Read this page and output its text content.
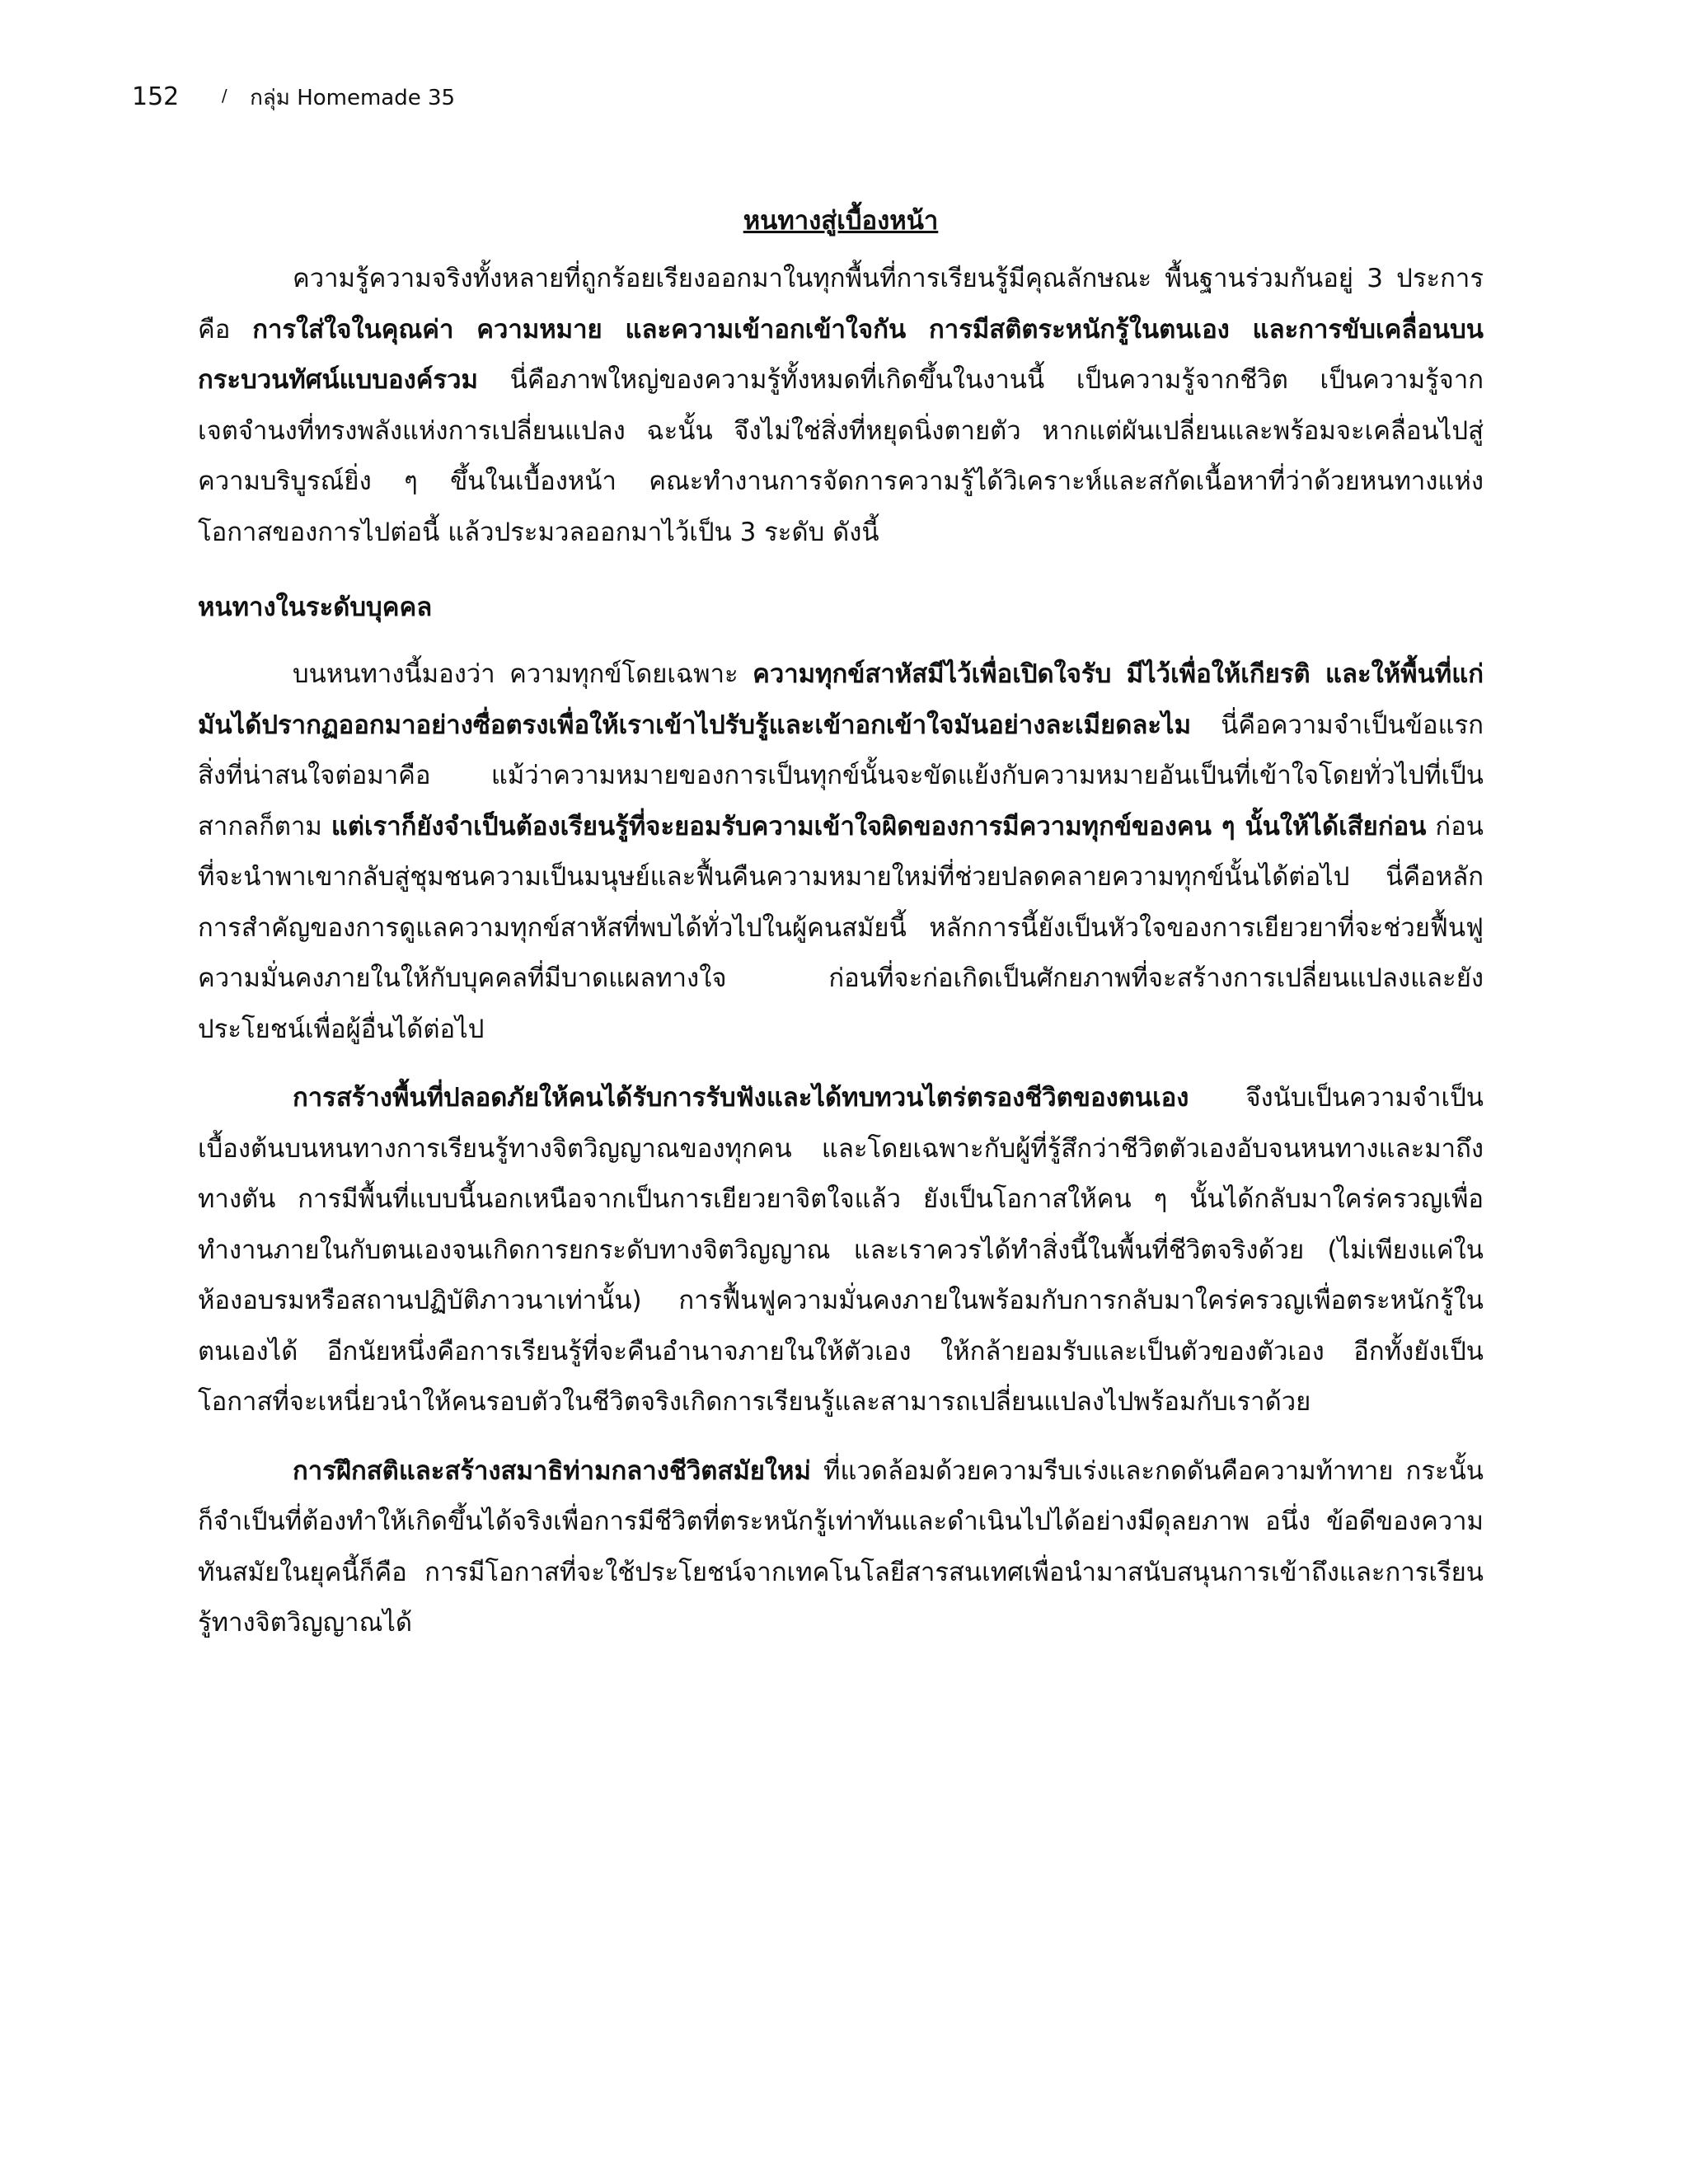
152	/ กลุ่ม Homemade 35
หนทางสู่เบื้องหน้า

ความรู้ความจริงทั้งหลายที่ถูกร้อยเรียงออกมาในทุกพื้นที่การเรียนรู้มีคุณลักษณะ พื้นฐานร่วมกันอยู่ 3 ประการ คือ การใส่ใจในคุณค่า ความหมาย และความเข้าอกเข้าใจกัน การมีสติตระหนักรู้ในตนเอง และการขับเคลื่อนบนกระบวนทัศน์แบบองค์รวม นี่คือภาพใหญ่ของความรู้ทั้งหมดที่เกิดขึ้นในงานนี้ เป็นความรู้จากชีวิต เป็นความรู้จากเจตจำนงที่ทรงพลังแห่งการเปลี่ยนแปลง ฉะนั้น จึงไม่ใช่สิ่งที่หยุดนิ่งตายตัว หากแต่ผันเปลี่ยนและพร้อมจะเคลื่อนไปสู่ความบริบูรณ์ยิ่ง ๆ ขึ้นในเบื้องหน้า คณะทำงานการจัดการความรู้ได้วิเคราะห์และสกัดเนื้อหาที่ว่าด้วยหนทางแห่งโอกาสของการไปต่อนี้ แล้วประมวลออกมาไว้เป็น 3 ระดับ ดังนี้

หนทางในระดับบุคคล

บนหนทางนี้มองว่า ความทุกข์โดยเฉพาะ ความทุกข์สาหัสมีไว้เพื่อเปิดใจรับ มีไว้เพื่อให้เกียรติ และให้พื้นที่แก่มันได้ปรากฏออกมาอย่างซื่อตรงเพื่อให้เราเข้าไปรับรู้และเข้าอกเข้าใจมันอย่างละเมียดละไม นี่คือความจำเป็นข้อแรก สิ่งที่น่าสนใจต่อมาคือ แม้ว่าความหมายของการเป็นทุกข์นั้นจะขัดแย้งกับความหมายอันเป็นที่เข้าใจโดยทั่วไปที่เป็นสากลก็ตาม แต่เราก็ยังจำเป็นต้องเรียนรู้ที่จะยอมรับความเข้าใจผิดของการมีความทุกข์ของคน ๆ นั้นให้ได้เสียก่อน ก่อนที่จะนำพาเขากลับสู่ชุมชนความเป็นมนุษย์และฟื้นคืนความหมายใหม่ที่ช่วยปลดคลายความทุกข์นั้นได้ต่อไป นี่คือหลักการสำคัญของการดูแลความทุกข์สาหัสที่พบได้ทั่วไปในผู้คนสมัยนี้ หลักการนี้ยังเป็นหัวใจของการเยียวยาที่จะช่วยฟื้นฟูความมั่นคงภายในให้กับบุคคลที่มีบาดแผลทางใจ ก่อนที่จะก่อเกิดเป็นศักยภาพที่จะสร้างการเปลี่ยนแปลงและยังประโยชน์เพื่อผู้อื่นได้ต่อไป

การสร้างพื้นที่ปลอดภัยให้คนได้รับการรับฟังและได้ทบทวนไตร่ตรองชีวิตของตนเอง จึงนับเป็นความจำเป็นเบื้องต้นบนหนทางการเรียนรู้ทางจิตวิญญาณของทุกคน และโดยเฉพาะกับผู้ที่รู้สึกว่าชีวิตตัวเองอับจนหนทางและมาถึงทางตัน การมีพื้นที่แบบนี้นอกเหนือจากเป็นการเยียวยาจิตใจแล้ว ยังเป็นโอกาสให้คน ๆ นั้นได้กลับมาใคร่ครวญเพื่อทำงานภายในกับตนเองจนเกิดการยกระดับทางจิตวิญญาณ และเราควรได้ทำสิ่งนี้ในพื้นที่ชีวิตจริงด้วย (ไม่เพียงแค่ในห้องอบรมหรือสถานปฏิบัติภาวนาเท่านั้น) การฟื้นฟูความมั่นคงภายในพร้อมกับการกลับมาใคร่ครวญเพื่อตระหนักรู้ในตนเองได้ อีกนัยหนึ่งคือการเรียนรู้ที่จะคืนอำนาจภายในให้ตัวเอง ให้กล้ายอมรับและเป็นตัวของตัวเอง อีกทั้งยังเป็นโอกาสที่จะเหนี่ยวนำให้คนรอบตัวในชีวิตจริงเกิดการเรียนรู้และสามารถเปลี่ยนแปลงไปพร้อมกับเราด้วย

การฝึกสติและสร้างสมาธิท่ามกลางชีวิตสมัยใหม่ ที่แวดล้อมด้วยความรีบเร่งและกดดันคือความท้าทาย กระนั้นก็จำเป็นที่ต้องทำให้เกิดขึ้นได้จริงเพื่อการมีชีวิตที่ตระหนักรู้เท่าทันและดำเนินไปได้อย่างมีดุลยภาพ อนึ่ง ข้อดีของความทันสมัยในยุคนี้ก็คือ การมีโอกาสที่จะใช้ประโยชน์จากเทคโนโลยีสารสนเทศเพื่อนำมาสนับสนุนการเข้าถึงและการเรียนรู้ทางจิตวิญญาณได้
